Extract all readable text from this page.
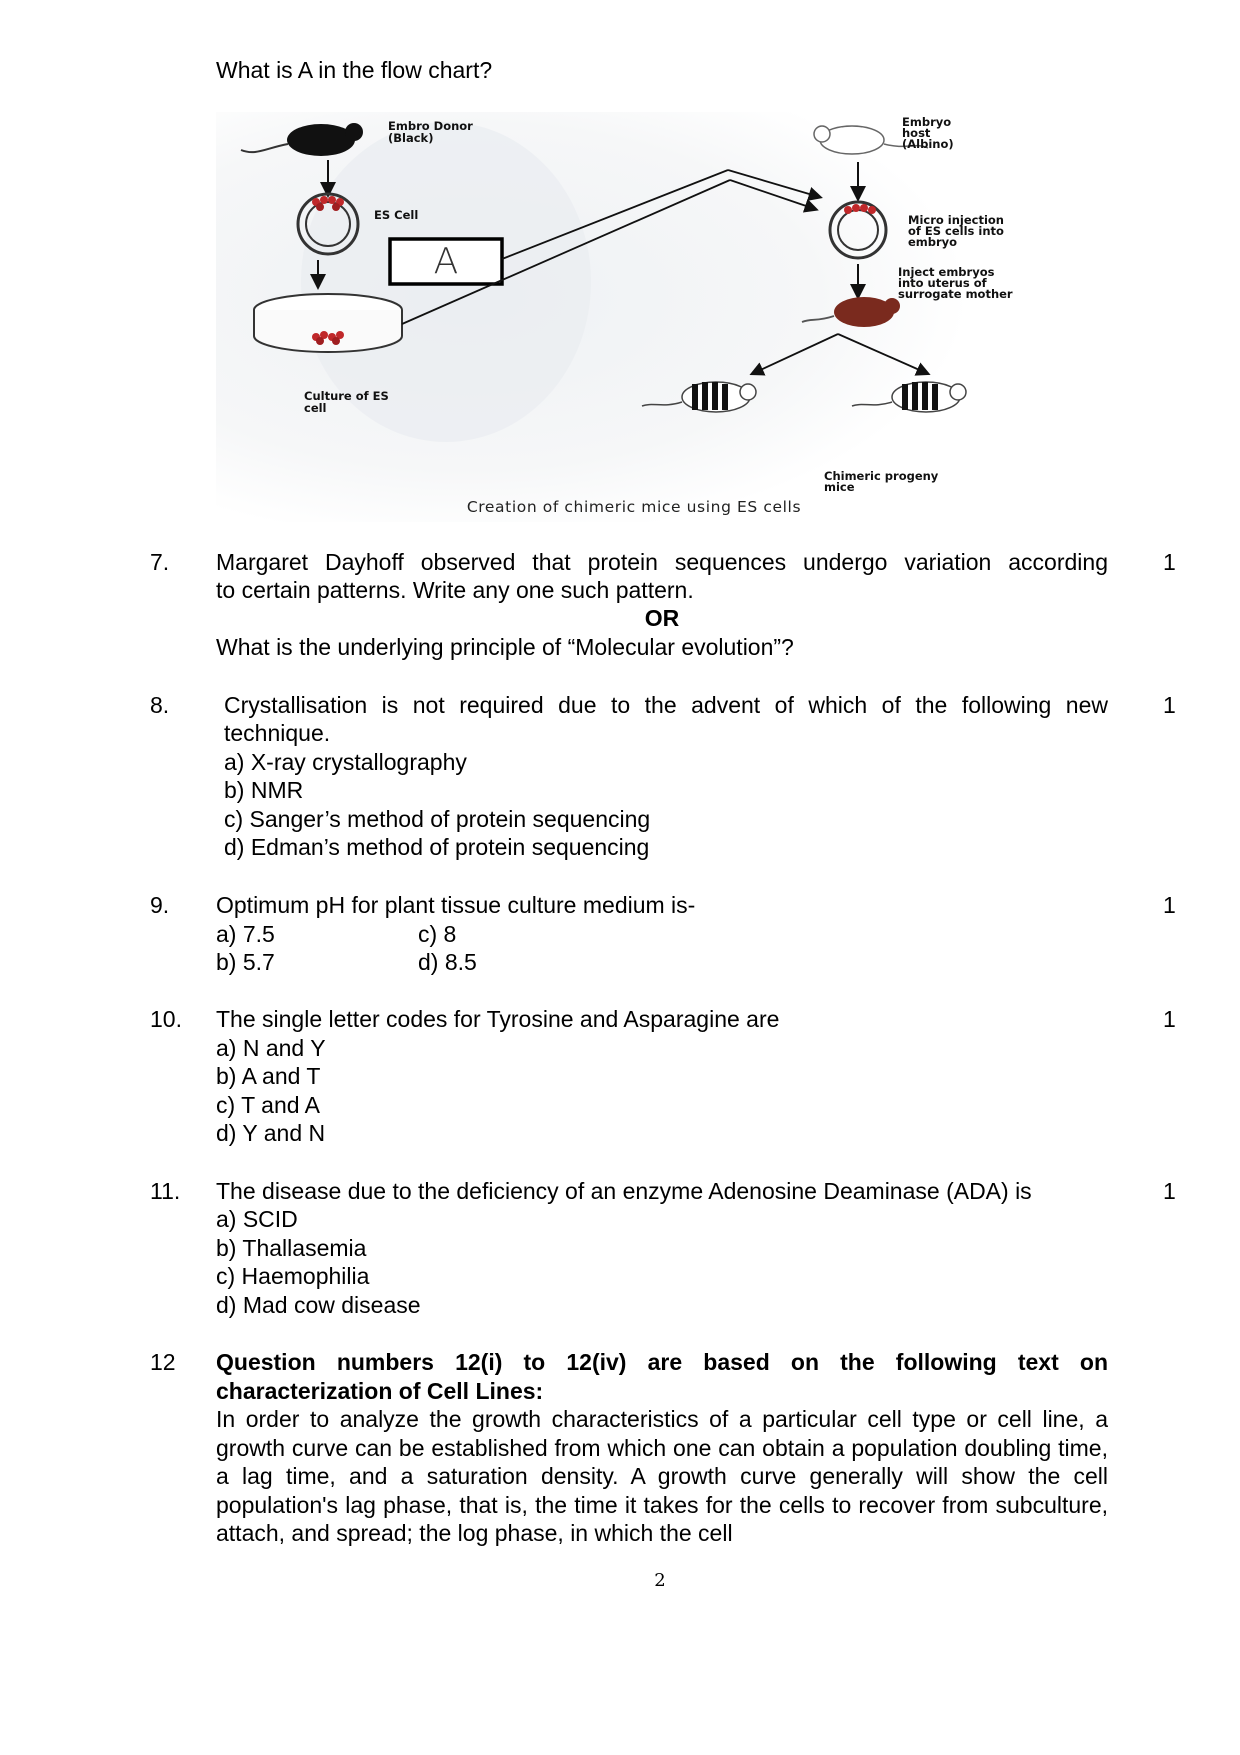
What is A in the flow chart?
Embro Donor
(Black)
ES Cell
A
Culture of ES
cell
Embryo
host
(Albino)
Micro injection
of ES cells into
embryo
Inject embryos
into uterus of
surrogate mother
Chimeric progeny
mice
Creation of chimeric mice using ES cells
7.	1
Margaret Dayhoff observed that protein sequences undergo variation according
to certain patterns. Write any one such pattern.
OR
What is the underlying principle of “Molecular evolution”?
8.	1
Crystallisation is not required due to the advent of which of the following new
technique.
a) X-ray crystallography
b) NMR
c) Sanger’s method of protein sequencing
d) Edman’s method of protein sequencing
9.	1
Optimum pH for plant tissue culture medium is-
a) 7.5	c) 8
b) 5.7	d) 8.5
10.	1
The single letter codes for Tyrosine and Asparagine are
a) N and Y
b) A and T
c) T and A
d) Y and N
11.	1
The disease due to the deficiency of an enzyme Adenosine Deaminase (ADA) is
a) SCID
b) Thallasemia
c) Haemophilia
d) Mad cow disease
12 Question numbers 12(i) to 12(iv) are based on the following text on characterization of Cell Lines:
In order to analyze the growth characteristics of a particular cell type or cell line, a growth curve can be established from which one can obtain a population doubling time, a lag time, and a saturation density. A growth curve generally will show the cell population's lag phase, that is, the time it takes for the cells to recover from subculture, attach, and spread; the log phase, in which the cell
2
